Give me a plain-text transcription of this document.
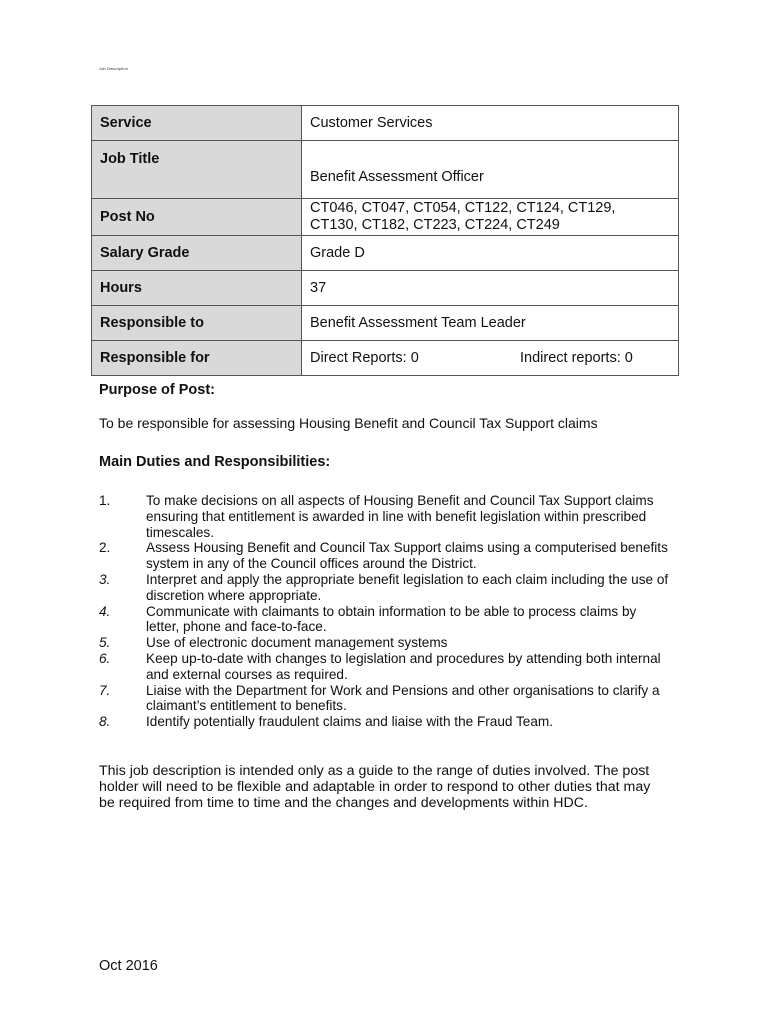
Job Description
Service	Customer Services
Job Title	Benefit Assessment Officer

Post No	CT046, CT047, CT054, CT122, CT124, CT129,
CT130, CT182, CT223, CT224, CT249

Salary Grade	Grade D
Hours	37
Responsible to	Benefit Assessment Team Leader
Responsible for	Direct Reports: 0 Indirect reports: 0
Purpose of Post:
To be responsible for assessing Housing Benefit and Council Tax Support claims
Main Duties and Responsibilities:
1.	To make decisions on all aspects of Housing Benefit and Council Tax Support claims ensuring that entitlement is awarded in line with benefit legislation within prescribed timescales.
2.	Assess Housing Benefit and Council Tax Support claims using a computerised benefits system in any of the Council offices around the District.
3.	Interpret and apply the appropriate benefit legislation to each claim including the use of discretion where appropriate.
4.	Communicate with claimants to obtain information to be able to process claims by letter, phone and face-to-face.
5.	Use of electronic document management systems
6.	Keep up-to-date with changes to legislation and procedures by attending both internal and external courses as required.
7.	Liaise with the Department for Work and Pensions and other organisations to clarify a claimant’s entitlement to benefits.
8.	Identify potentially fraudulent claims and liaise with the Fraud Team.
This job description is intended only as a guide to the range of duties involved. The post holder will need to be flexible and adaptable in order to respond to other duties that may be required from time to time and the changes and developments within HDC.
Oct 2016
